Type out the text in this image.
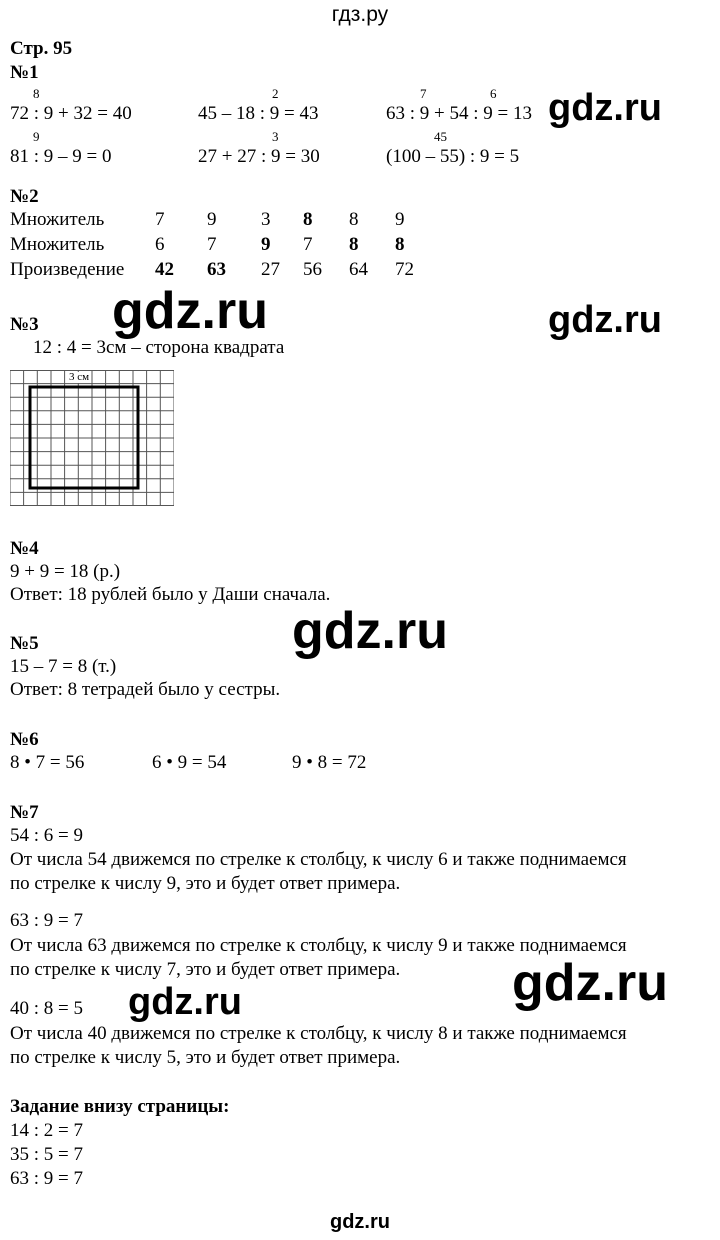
гдз.ру
Стр. 95
№1
8
72 : 9 + 32 = 40
2
45 – 18 : 9 = 43
7	6
63 : 9 + 54 : 9 = 13
9
81 : 9 – 9 = 0
3
27 + 27 : 9 = 30
45
(100 – 55) : 9 = 5
№2
Множитель	7	9	3	8	8	9
Множитель	6	7	9	7	8	8
Произведение	42	63	27	56	64	72
№3
12 : 4 = 3см – сторона квадрата
3 см
№4
9 + 9 = 18 (р.)
Ответ: 18 рублей было у Даши сначала.
№5
15 – 7 = 8 (т.)
Ответ: 8 тетрадей было у сестры.
№6
8 • 7 = 56	6 • 9 = 54	9 • 8 = 72
№7
54 : 6 = 9
От числа 54 движемся по стрелке к столбцу, к числу 6 и также поднимаемся
по стрелке к числу 9, это и будет ответ примера.
63 : 9 = 7
От числа 63 движемся по стрелке к столбцу, к числу 9 и также поднимаемся
по стрелке к числу 7, это и будет ответ примера.
40 : 8 = 5
От числа 40 движемся по стрелке к столбцу, к числу 8 и также поднимаемся
по стрелке к числу 5, это и будет ответ примера.
Задание внизу страницы:
14 : 2 = 7
35 : 5 = 7
63 : 9 = 7
gdz.ru
gdz.ru	gdz.ru
gdz.ru
gdz.ru
gdz.ru
gdz.ru
